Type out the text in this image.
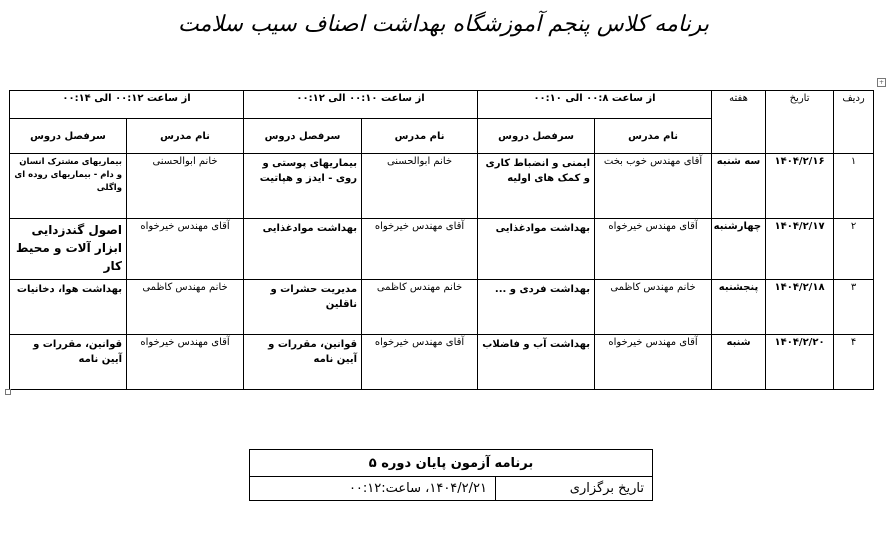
برنامه کلاس پنجم آموزشگاه بهداشت اصناف سیب سلامت
+
ردیف	تاریخ	هفته	از ساعت ۰۰:۸ الی ۰۰:۱۰		از ساعت ۰۰:۱۰ الی ۰۰:۱۲		از ساعت ۰۰:۱۲ الی ۰۰:۱۴	
			نام مدرس	سرفصل دروس	نام مدرس	سرفصل دروس	نام مدرس	سرفصل دروس
۱	۱۴۰۴/۲/۱۶	سه شنبه	آقای مهندس خوب بخت	ایمنی و انضباط کاری و کمک های اولیه	خانم ابوالحسنی	بیماریهای پوستی و روی - ایدز و هپاتیت	خانم ابوالحسنی	بیماریهای مشترک انسان و دام - بیماریهای روده ای واگلی
۲	۱۴۰۴/۲/۱۷	چهارشنبه	آقای مهندس خیرخواه	بهداشت موادغذایی	آقای مهندس خیرخواه	بهداشت موادغذایی	آقای مهندس خیرخواه	اصول گندزدایی ابزار آلات و محیط کار
۳	۱۴۰۴/۲/۱۸	پنجشنبه	خانم مهندس کاظمی	بهداشت فردی و ...	خانم مهندس کاظمی	مدیریت حشرات و ناقلین	خانم مهندس کاظمی	بهداشت هوا، دخانیات
۴	۱۴۰۴/۲/۲۰	شنبه	آقای مهندس خیرخواه	بهداشت آب و فاضلاب	آقای مهندس خیرخواه	قوانین، مقررات و آیین نامه	آقای مهندس خیرخواه	قوانین، مقررات و آیین نامه
برنامه آزمون پایان دوره ۵
تاریخ برگزاری	۱۴۰۴/۲/۲۱، ساعت:۰۰:۱۲
